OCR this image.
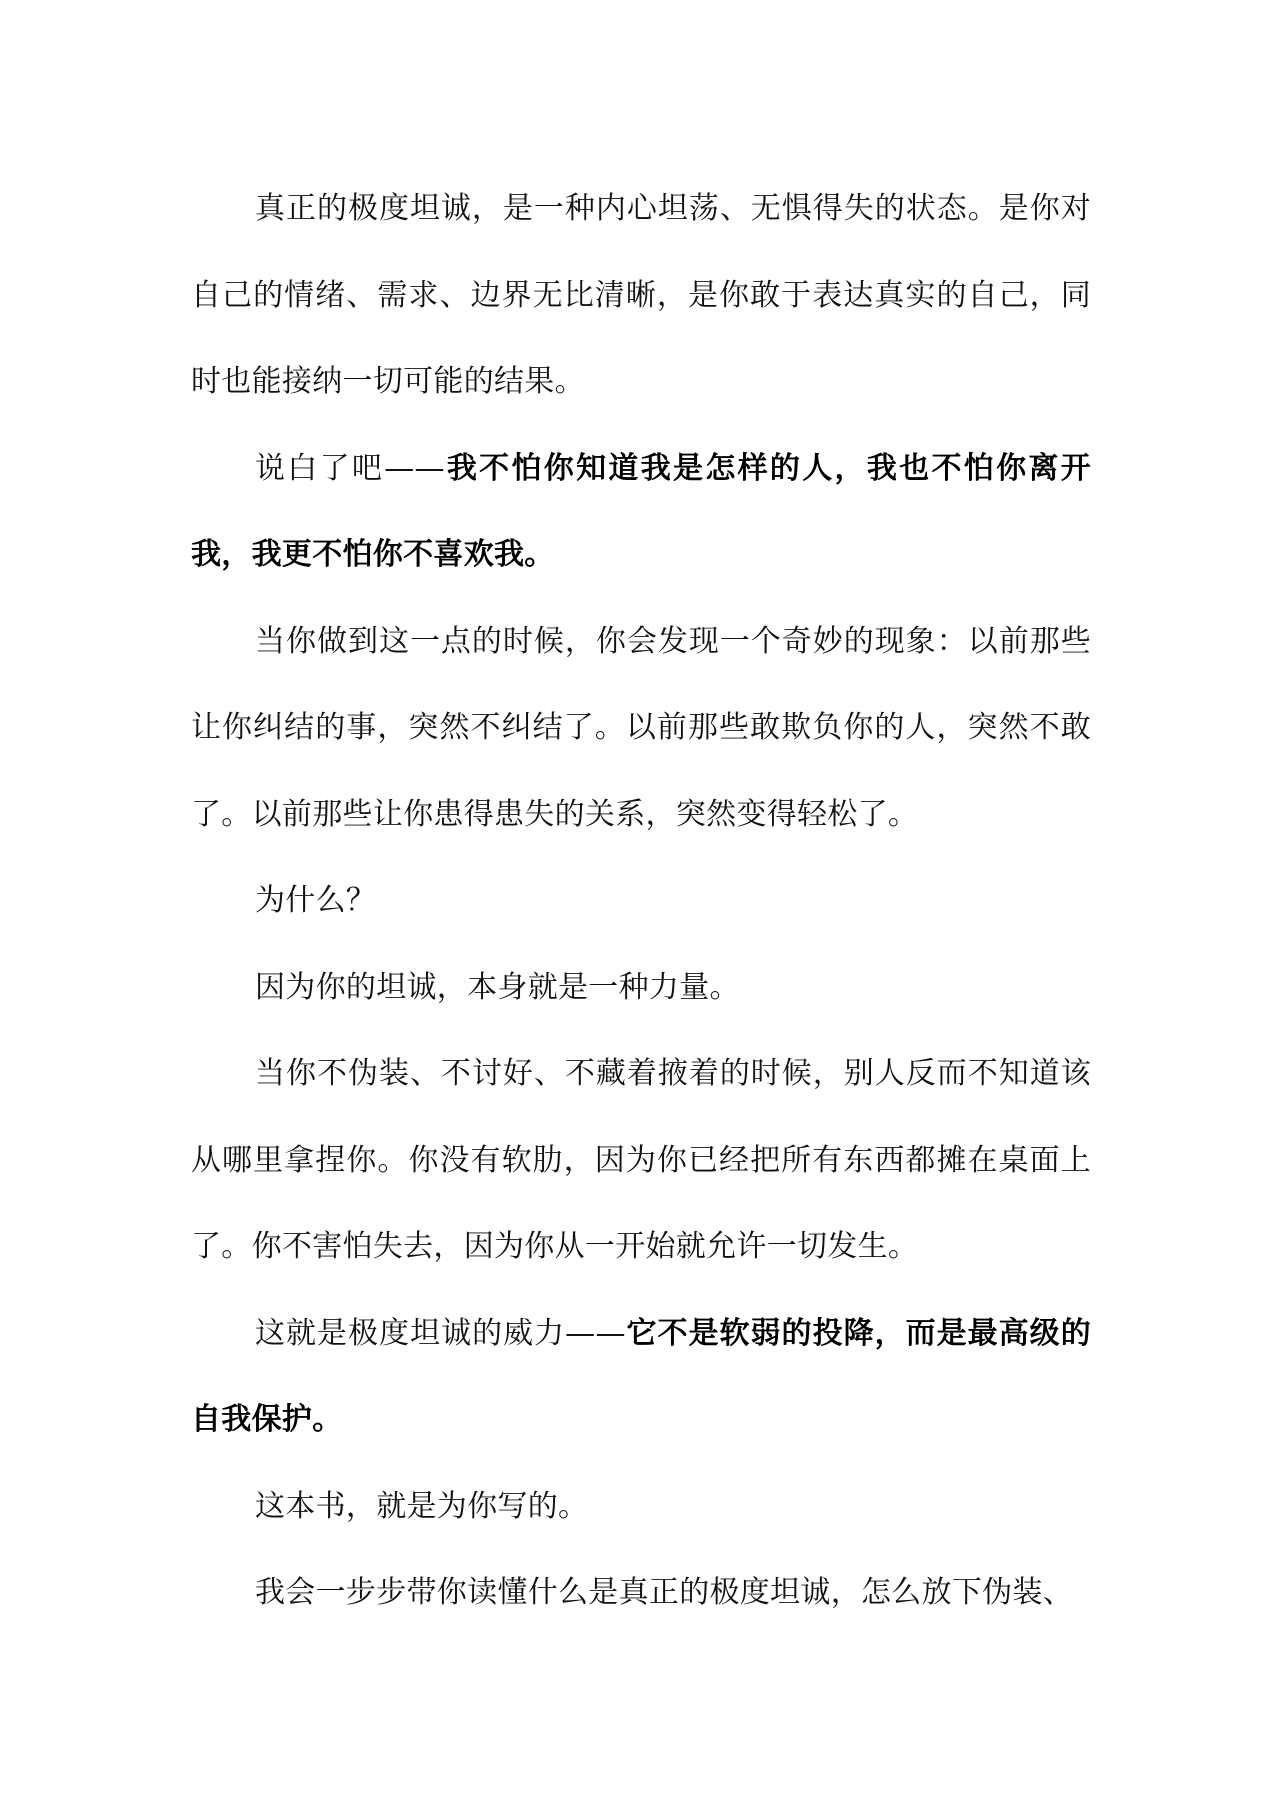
真正的极度坦诚，是一种内心坦荡、无惧得失的状态。是你对自己的情绪、需求、边界无比清晰，是你敢于表达真实的自己，同时也能接纳一切可能的结果。

说白了吧——我不怕你知道我是怎样的人，我也不怕你离开我，我更不怕你不喜欢我。

当你做到这一点的时候，你会发现一个奇妙的现象：以前那些让你纠结的事，突然不纠结了。以前那些敢欺负你的人，突然不敢了。以前那些让你患得患失的关系，突然变得轻松了。

为什么？

因为你的坦诚，本身就是一种力量。

当你不伪装、不讨好、不藏着掖着的时候，别人反而不知道该从哪里拿捏你。你没有软肋，因为你已经把所有东西都摊在桌面上了。你不害怕失去，因为你从一开始就允许一切发生。

这就是极度坦诚的威力——它不是软弱的投降，而是最高级的自我保护。

这本书，就是为你写的。

我会一步步带你读懂什么是真正的极度坦诚，怎么放下伪装、
